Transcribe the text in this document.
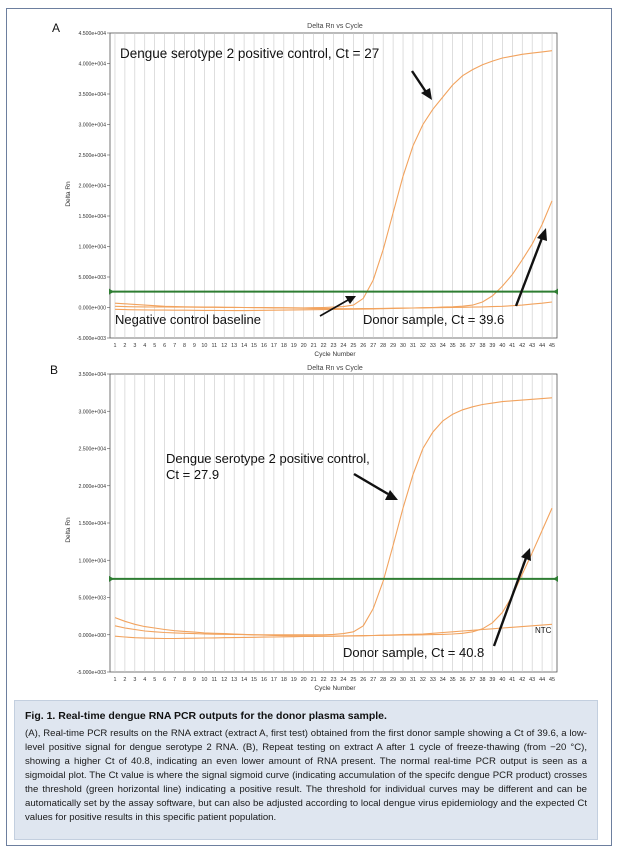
A	Delta Rn vs Cycle
1 2 3 4 5 6 7 8 9 10 11 12 13 14 15 16 17 18 19 20 21 22 23 24 25 26 27 28 29 30 31 32 33 34 35 36 37 38 39 40 41 42 43 44 45
-5.000e+003
0.000e+000
5.000e+003
1.000e+004
1.500e+004
2.000e+004
2.500e+004
3.000e+004
3.500e+004
4.000e+004
4.500e+004
Delta Rn
Cycle Number
Dengue serotype 2 positive control, Ct = 27
Negative control baseline	Donor sample, Ct = 39.6
B	Delta Rn vs Cycle
1 2 3 4 5 6 7 8 9 10 11 12 13 14 15 16 17 18 19 20 21 22 23 24 25 26 27 28 29 30 31 32 33 34 35 36 37 38 39 40 41 42 43 44 45
-5.000e+003
0.000e+000
5.000e+003
1.000e+004
1.500e+004
2.000e+004
2.500e+004
3.000e+004
3.500e+004
Delta Rn
Cycle Number
Dengue serotype 2 positive control,
Ct = 27.9
NTC
Donor sample, Ct = 40.8
Fig. 1. Real-time dengue RNA PCR outputs for the donor plasma sample.
(A), Real-time PCR results on the RNA extract (extract A, first test) obtained from the first donor sample showing a Ct of 39.6, a low-level positive signal for dengue serotype 2 RNA. (B), Repeat testing on extract A after 1 cycle of freeze-thawing (from −20 °C), showing a higher Ct of 40.8, indicating an even lower amount of RNA present. The normal real-time PCR output is seen as a sigmoidal plot. The Ct value is where the signal sigmoid curve (indicating accumulation of the specifc dengue PCR product) crosses the threshold (green horizontal line) indicating a positive result. The threshold for individual curves may be different and can be automatically set by the assay software, but can also be adjusted according to local dengue virus epidemiology and the expected Ct values for positive results in this specific patient population.
